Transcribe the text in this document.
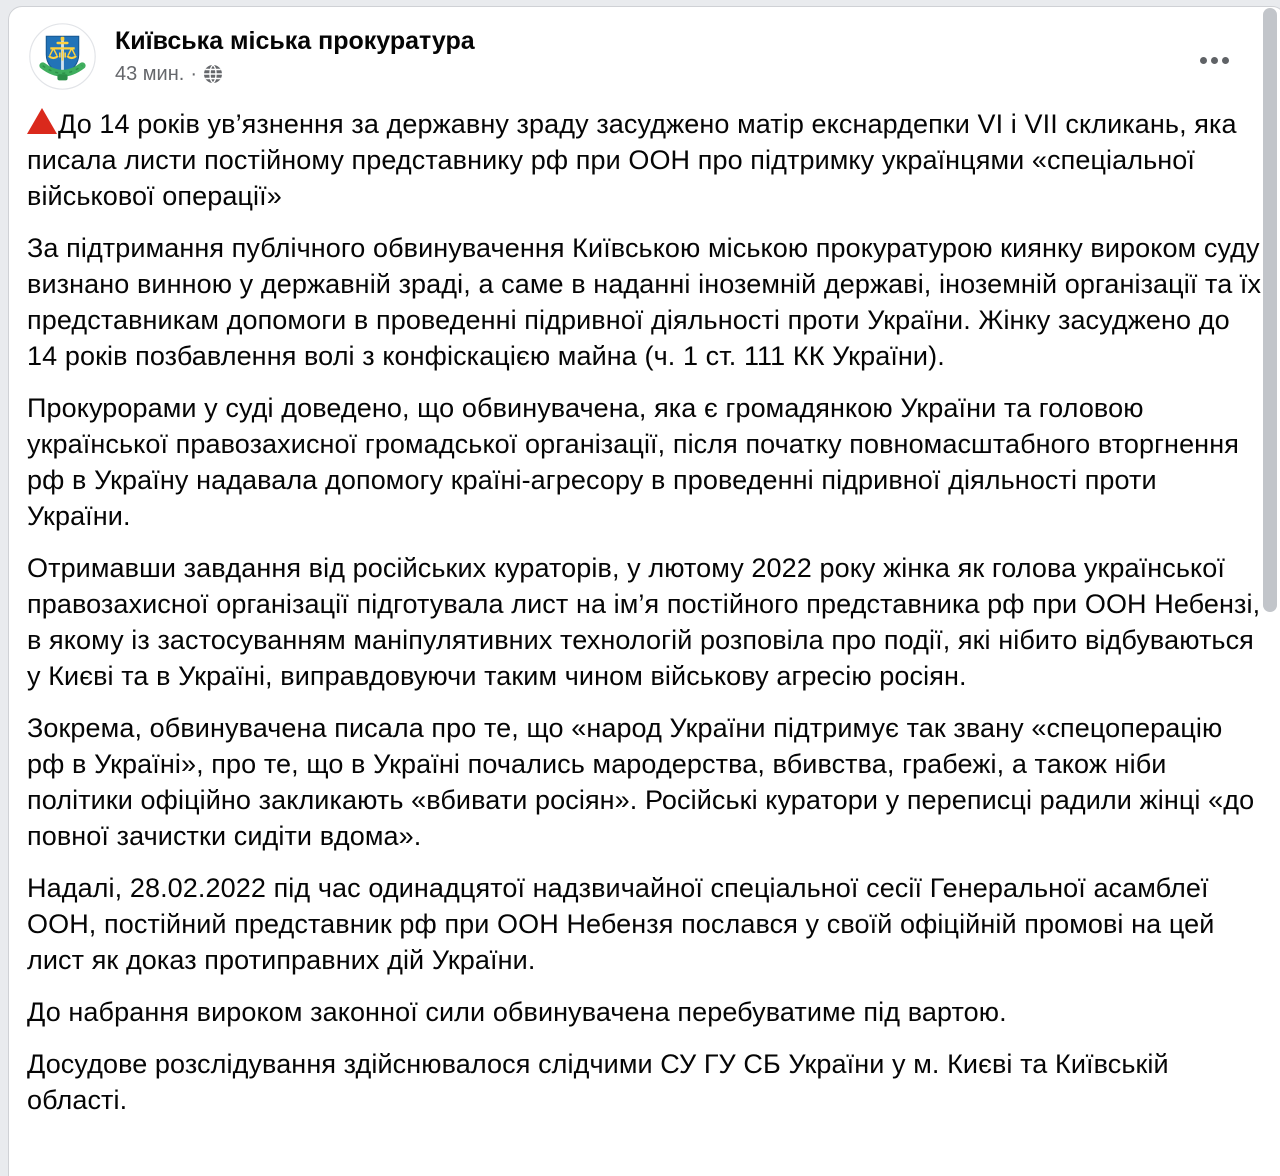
Київська міська прокуратура
43 мин. ·

До 14 років ув’язнення за державну зраду засуджено матір екснардепки VI і VII скликань, яка писала листи постійному представнику рф при ООН про підтримку українцями «спеціальної військової операції»

За підтримання публічного обвинувачення Київською міською прокуратурою киянку вироком суду визнано винною у державній зраді, а саме в наданні іноземній державі, іноземній організації та їх представникам допомоги в проведенні підривної діяльності проти України. Жінку засуджено до 14 років позбавлення волі з конфіскацією майна (ч. 1 ст. 111 КК України).

Прокурорами у суді доведено, що обвинувачена, яка є громадянкою України та головою української правозахисної громадської організації, після початку повномасштабного вторгнення рф в Україну надавала допомогу країні-агресору в проведенні підривної діяльності проти України.

Отримавши завдання від російських кураторів, у лютому 2022 року жінка як голова української правозахисної організації підготувала лист на ім’я постійного представника рф при ООН Небензі, в якому із застосуванням маніпулятивних технологій розповіла про події, які нібито відбуваються у Києві та в Україні, виправдовуючи таким чином військову агресію росіян.

Зокрема, обвинувачена писала про те, що «народ України підтримує так звану «спецоперацію рф в Україні», про те, що в Україні почались мародерства, вбивства, грабежі, а також ніби політики офіційно закликають «вбивати росіян». Російські куратори у переписці радили жінці «до повної зачистки сидіти вдома».

Надалі, 28.02.2022 під час одинадцятої надзвичайної спеціальної сесії Генеральної асамблеї ООН, постійний представник рф при ООН Небензя послався у своїй офіційній промові на цей лист як доказ протиправних дій України.

До набрання вироком законної сили обвинувачена перебуватиме під вартою.

Досудове розслідування здійснювалося слідчими СУ ГУ СБ України у м. Києві та Київській області.
